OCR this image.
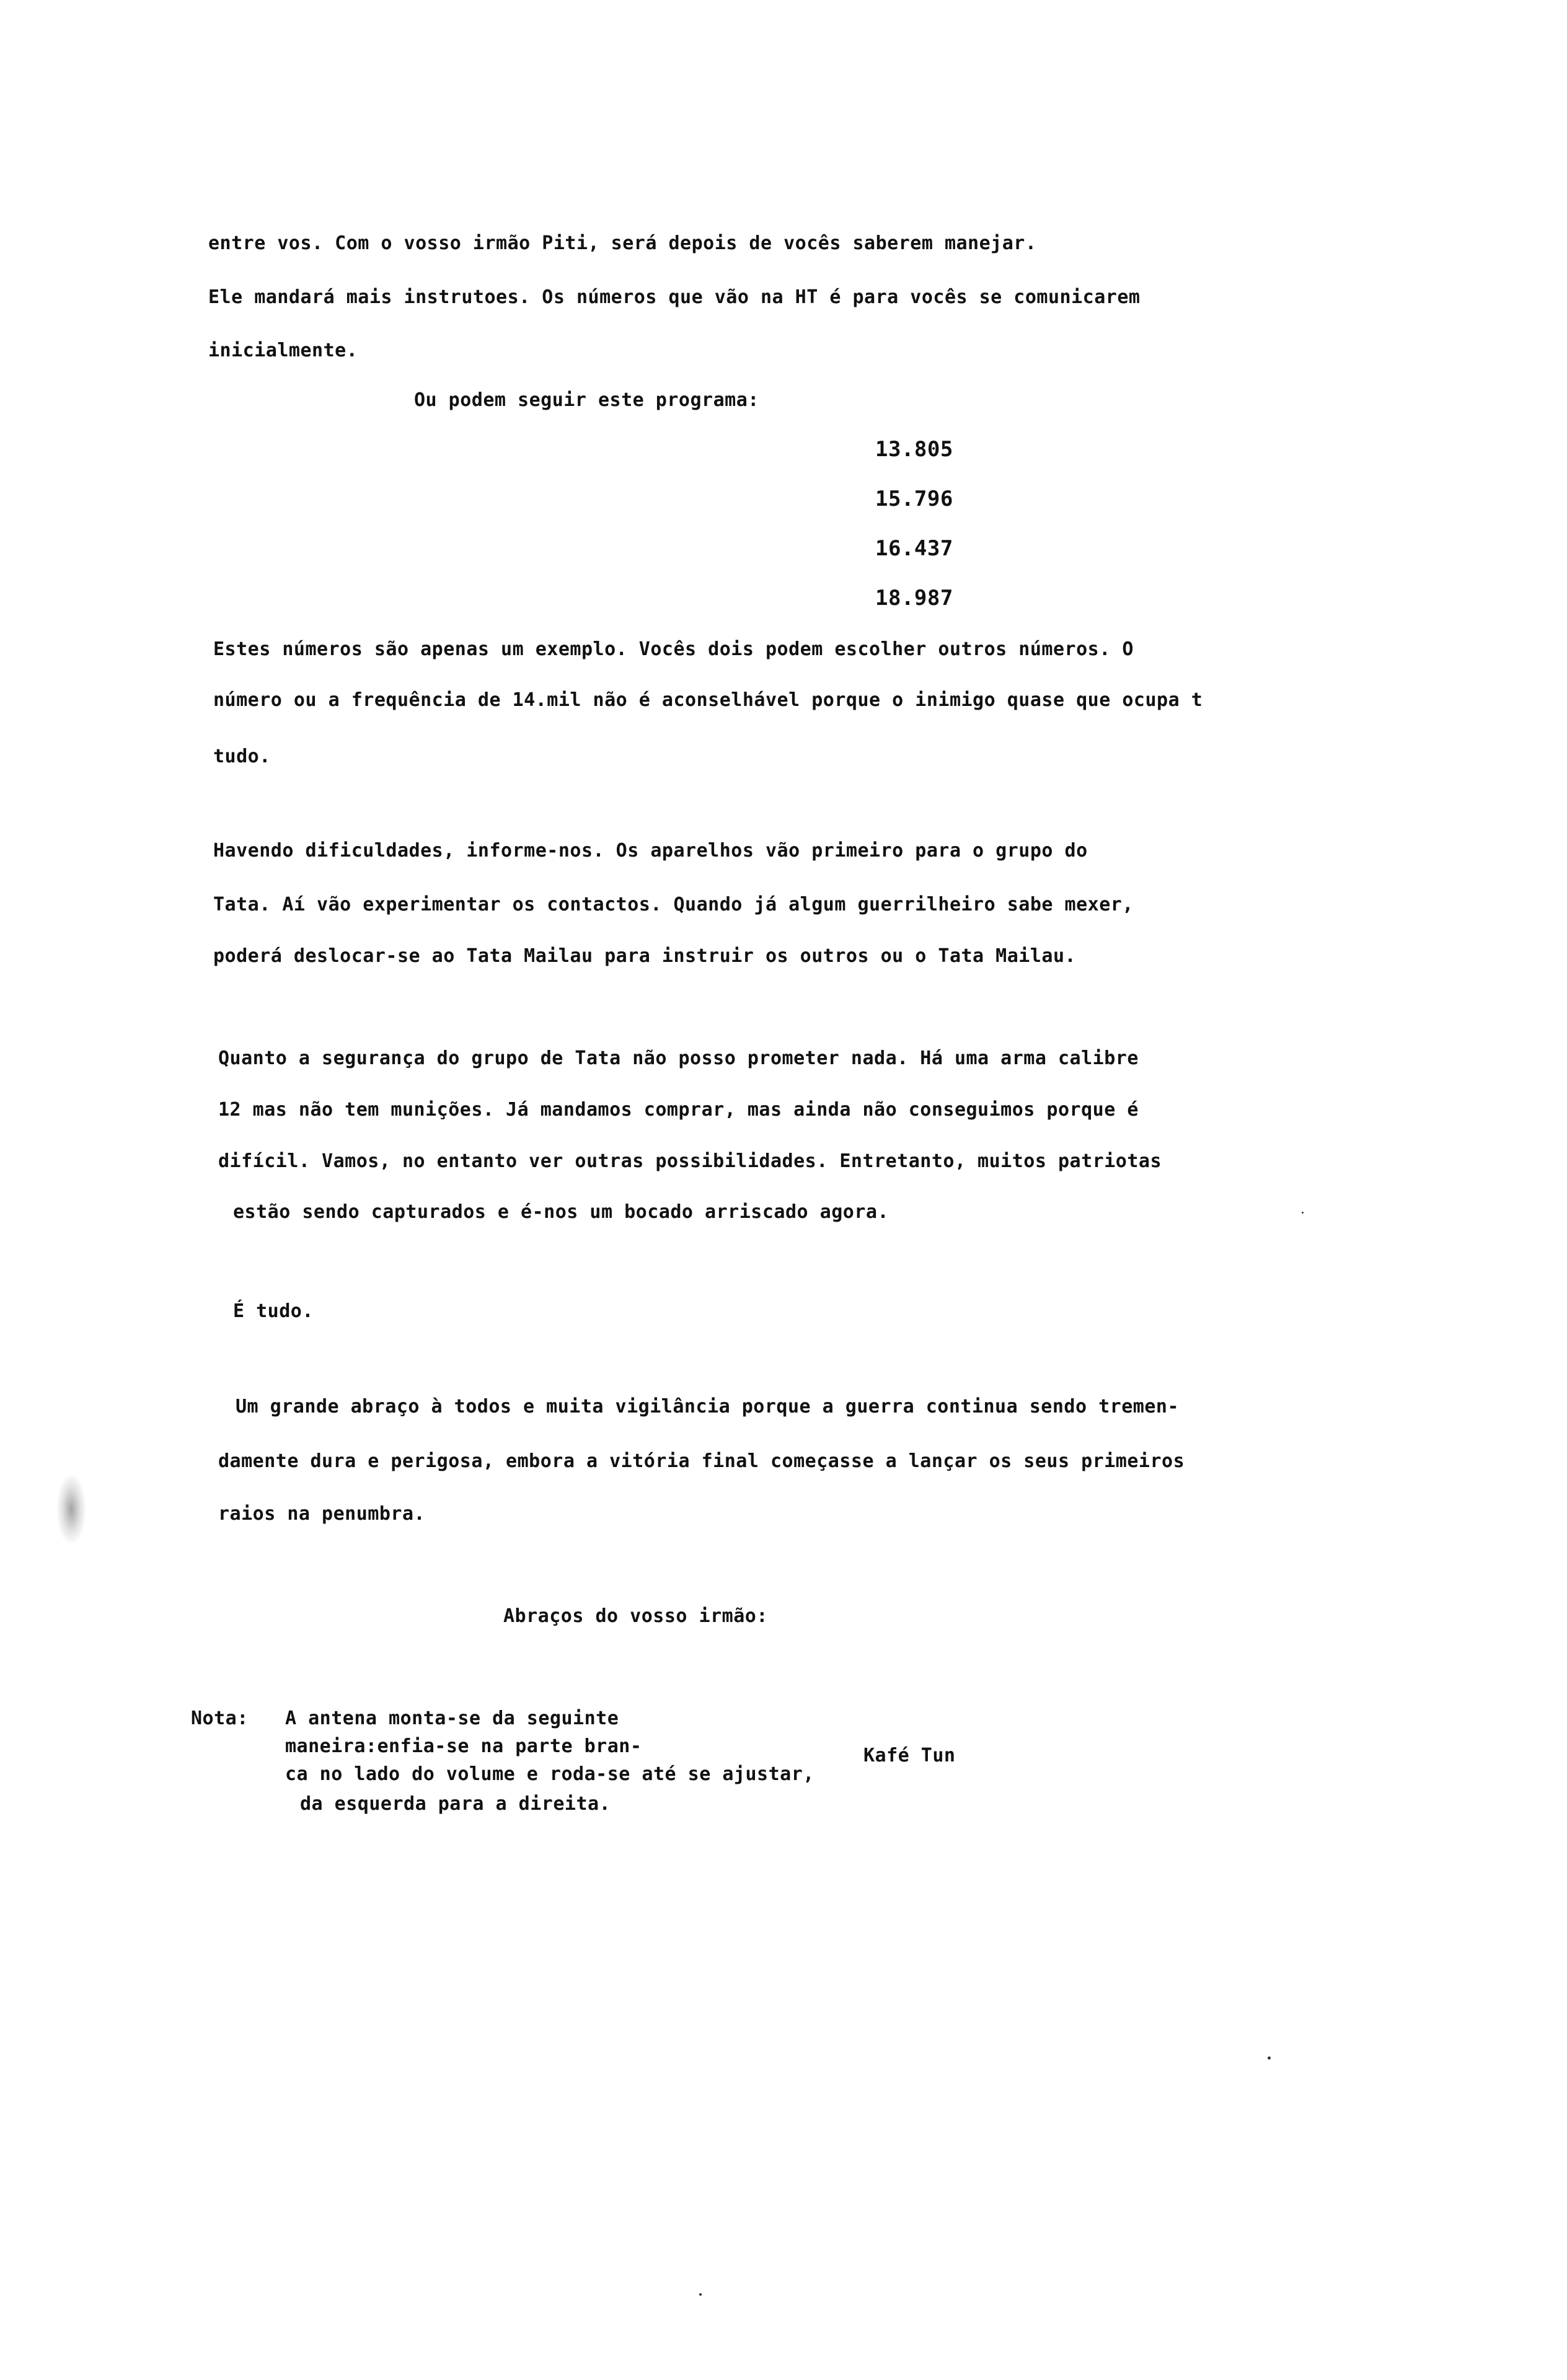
entre vos. Com o vosso irmão Piti, será depois de vocês saberem manejar.
Ele mandará mais instrutoes. Os números que vão na HT é para vocês se comunicarem
inicialmente.
Ou podem seguir este programa:
13.805
15.796
16.437
18.987
Estes números são apenas um exemplo. Vocês dois podem escolher outros números. O
número ou a frequência de 14.mil não é aconselhável porque o inimigo quase que ocupa t
tudo.
Havendo dificuldades, informe-nos. Os aparelhos vão primeiro para o grupo do
Tata. Aí vão experimentar os contactos. Quando já algum guerrilheiro sabe mexer,
poderá deslocar-se ao Tata Mailau para instruir os outros ou o Tata Mailau.
Quanto a segurança do grupo de Tata não posso prometer nada. Há uma arma calibre
12 mas não tem munições. Já mandamos comprar, mas ainda não conseguimos porque é
difícil. Vamos, no entanto ver outras possibilidades. Entretanto, muitos patriotas
estão sendo capturados e é-nos um bocado arriscado agora.
É tudo.
Um grande abraço à todos e muita vigilância porque a guerra continua sendo tremen-
damente dura e perigosa, embora a vitória final começasse a lançar os seus primeiros
raios na penumbra.
Abraços do vosso irmão:
Nota: A antena monta-se da seguinte
maneira:enfia-se na parte bran-
ca no lado do volume e roda-se até se ajustar,
da esquerda para a direita.
Kafé Tun
